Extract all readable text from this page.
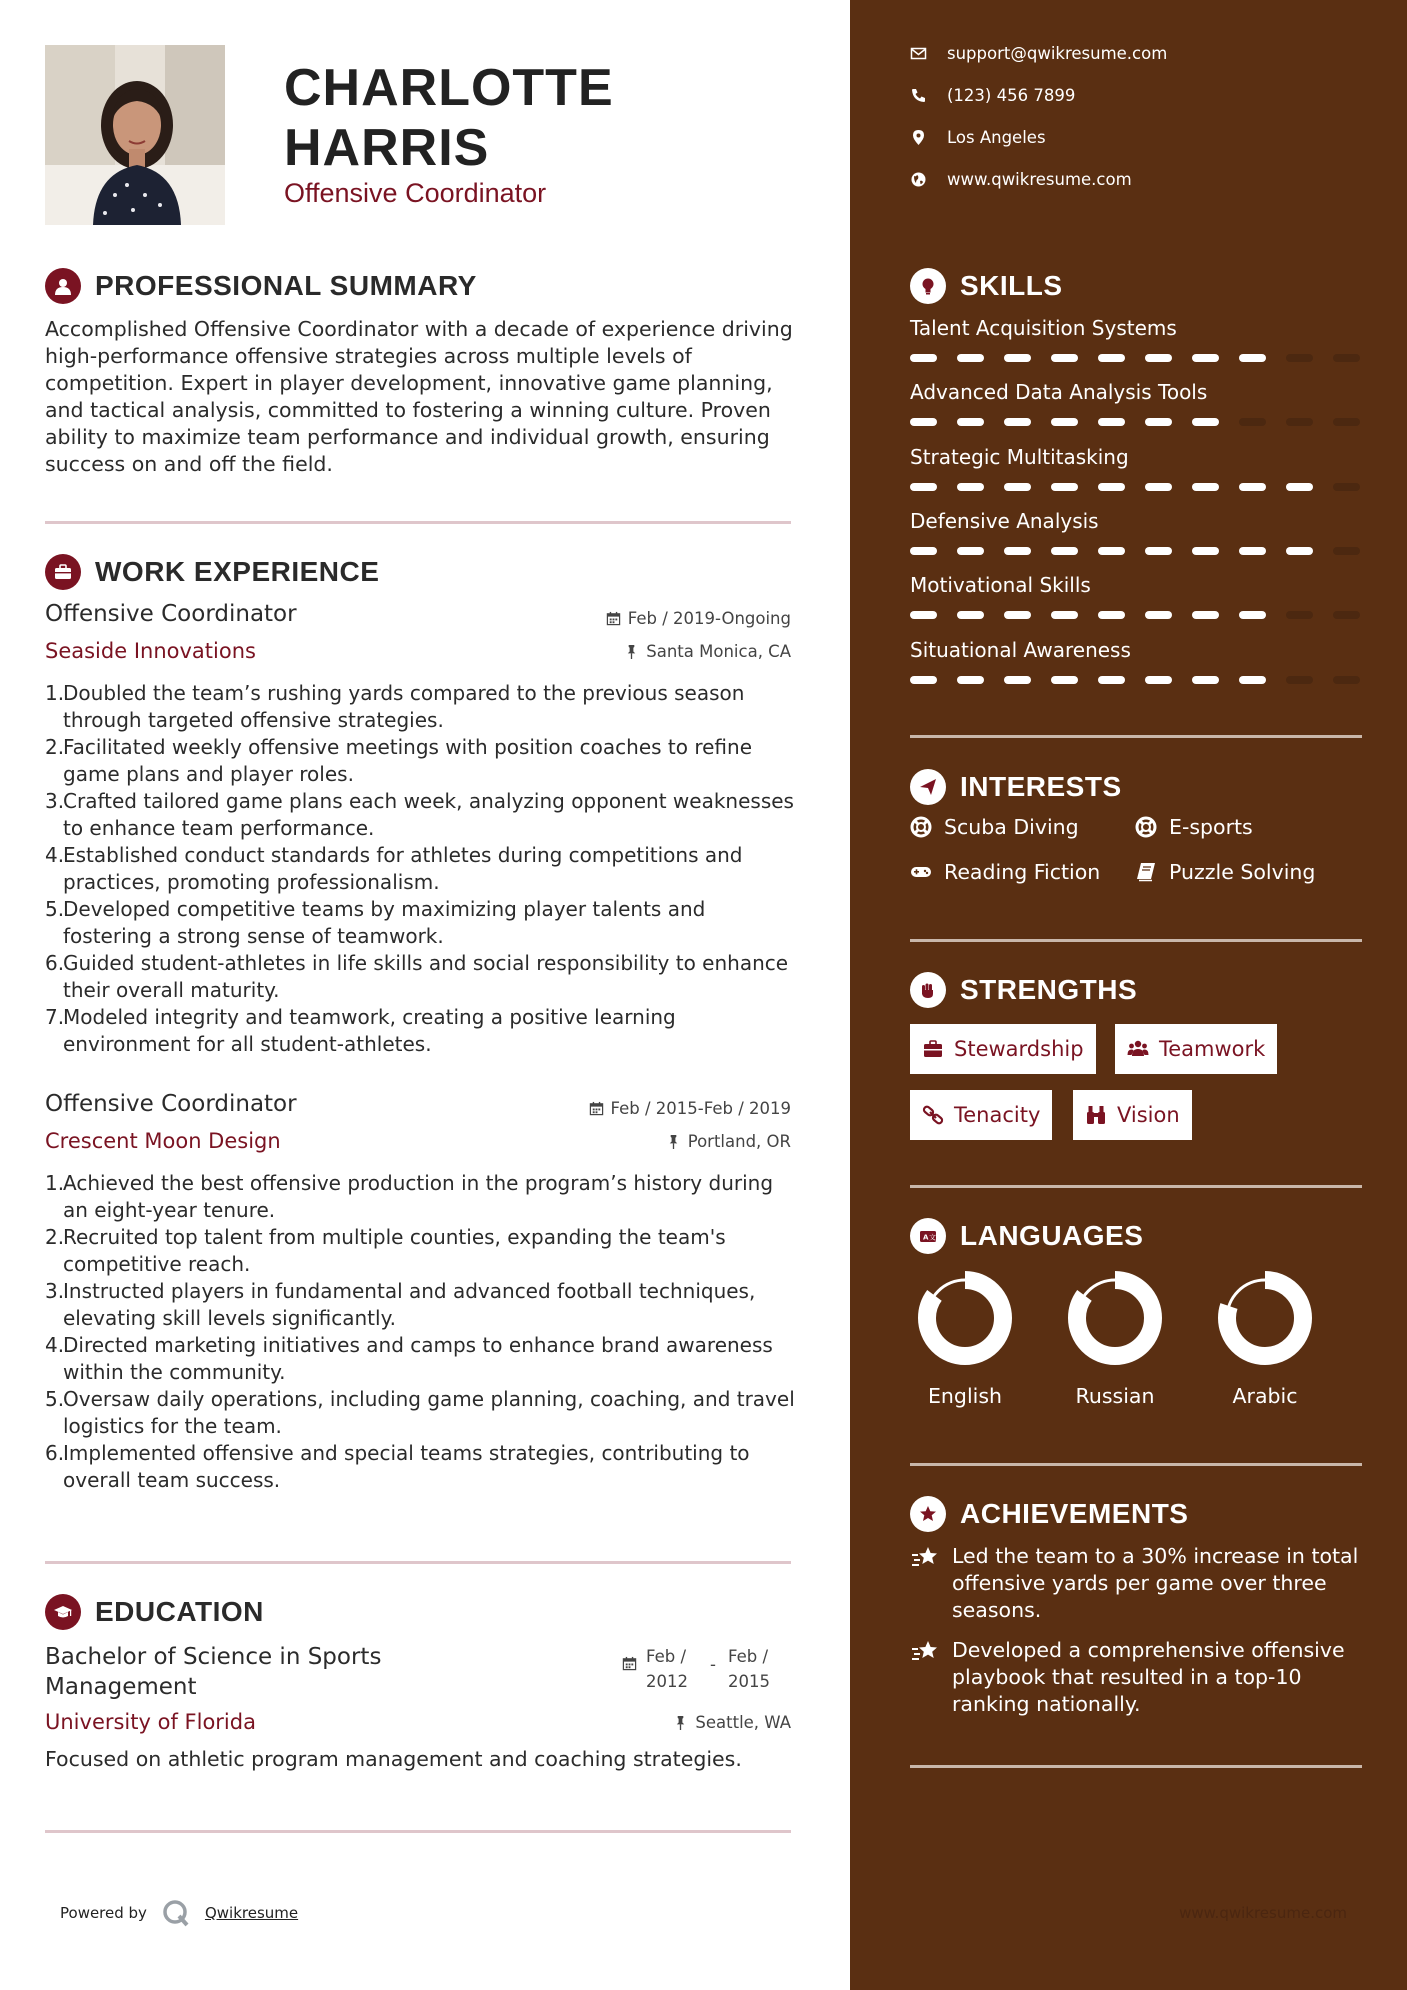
CHARLOTTE HARRIS
Offensive Coordinator
PROFESSIONAL SUMMARY
Accomplished Offensive Coordinator with a decade of experience driving high-performance offensive strategies across multiple levels of competition. Expert in player development, innovative game planning, and tactical analysis, committed to fostering a winning culture. Proven ability to maximize team performance and individual growth, ensuring success on and off the field.
WORK EXPERIENCE
Offensive Coordinator	Feb / 2019-Ongoing
Seaside Innovations	Santa Monica, CA
1.
Doubled the team’s rushing yards compared to the previous season through targeted offensive strategies.
2.
Facilitated weekly offensive meetings with position coaches to refine game plans and player roles.
3.
Crafted tailored game plans each week, analyzing opponent weaknesses to enhance team performance.
4.
Established conduct standards for athletes during competitions and practices, promoting professionalism.
5.
Developed competitive teams by maximizing player talents and fostering a strong sense of teamwork.
6.
Guided student-athletes in life skills and social responsibility to enhance their overall maturity.
7.
Modeled integrity and teamwork, creating a positive learning environment for all student-athletes.
Offensive Coordinator	Feb / 2015-Feb / 2019
Crescent Moon Design	Portland, OR
1.
Achieved the best offensive production in the program’s history during an eight-year tenure.
2.
Recruited top talent from multiple counties, expanding the team's competitive reach.
3.
Instructed players in fundamental and advanced football techniques, elevating skill levels significantly.
4.
Directed marketing initiatives and camps to enhance brand awareness within the community.
5.
Oversaw daily operations, including game planning, coaching, and travel logistics for the team.
6.
Implemented offensive and special teams strategies, contributing to overall team success.
EDUCATION
Bachelor of Science in Sports Management
Feb / 2012
- Feb / 2015
University of Florida	Seattle, WA
Focused on athletic program management and coaching strategies.
Powered by	Qwikresume
support@qwikresume.com
(123) 456 7899
Los Angeles
www.qwikresume.com
SKILLS
Talent Acquisition Systems
Advanced Data Analysis Tools
Strategic Multitasking
Defensive Analysis
Motivational Skills
Situational Awareness
INTERESTS
Scuba Diving	E-sports
Reading Fiction	Puzzle Solving
STRENGTHS
Stewardship	Teamwork
Tenacity	Vision
A 文 LANGUAGES
English	Russian	Arabic
ACHIEVEMENTS
Led the team to a 30% increase in total offensive yards per game over three seasons.
Developed a comprehensive offensive playbook that resulted in a top-10 ranking nationally.
www.qwikresume.com
